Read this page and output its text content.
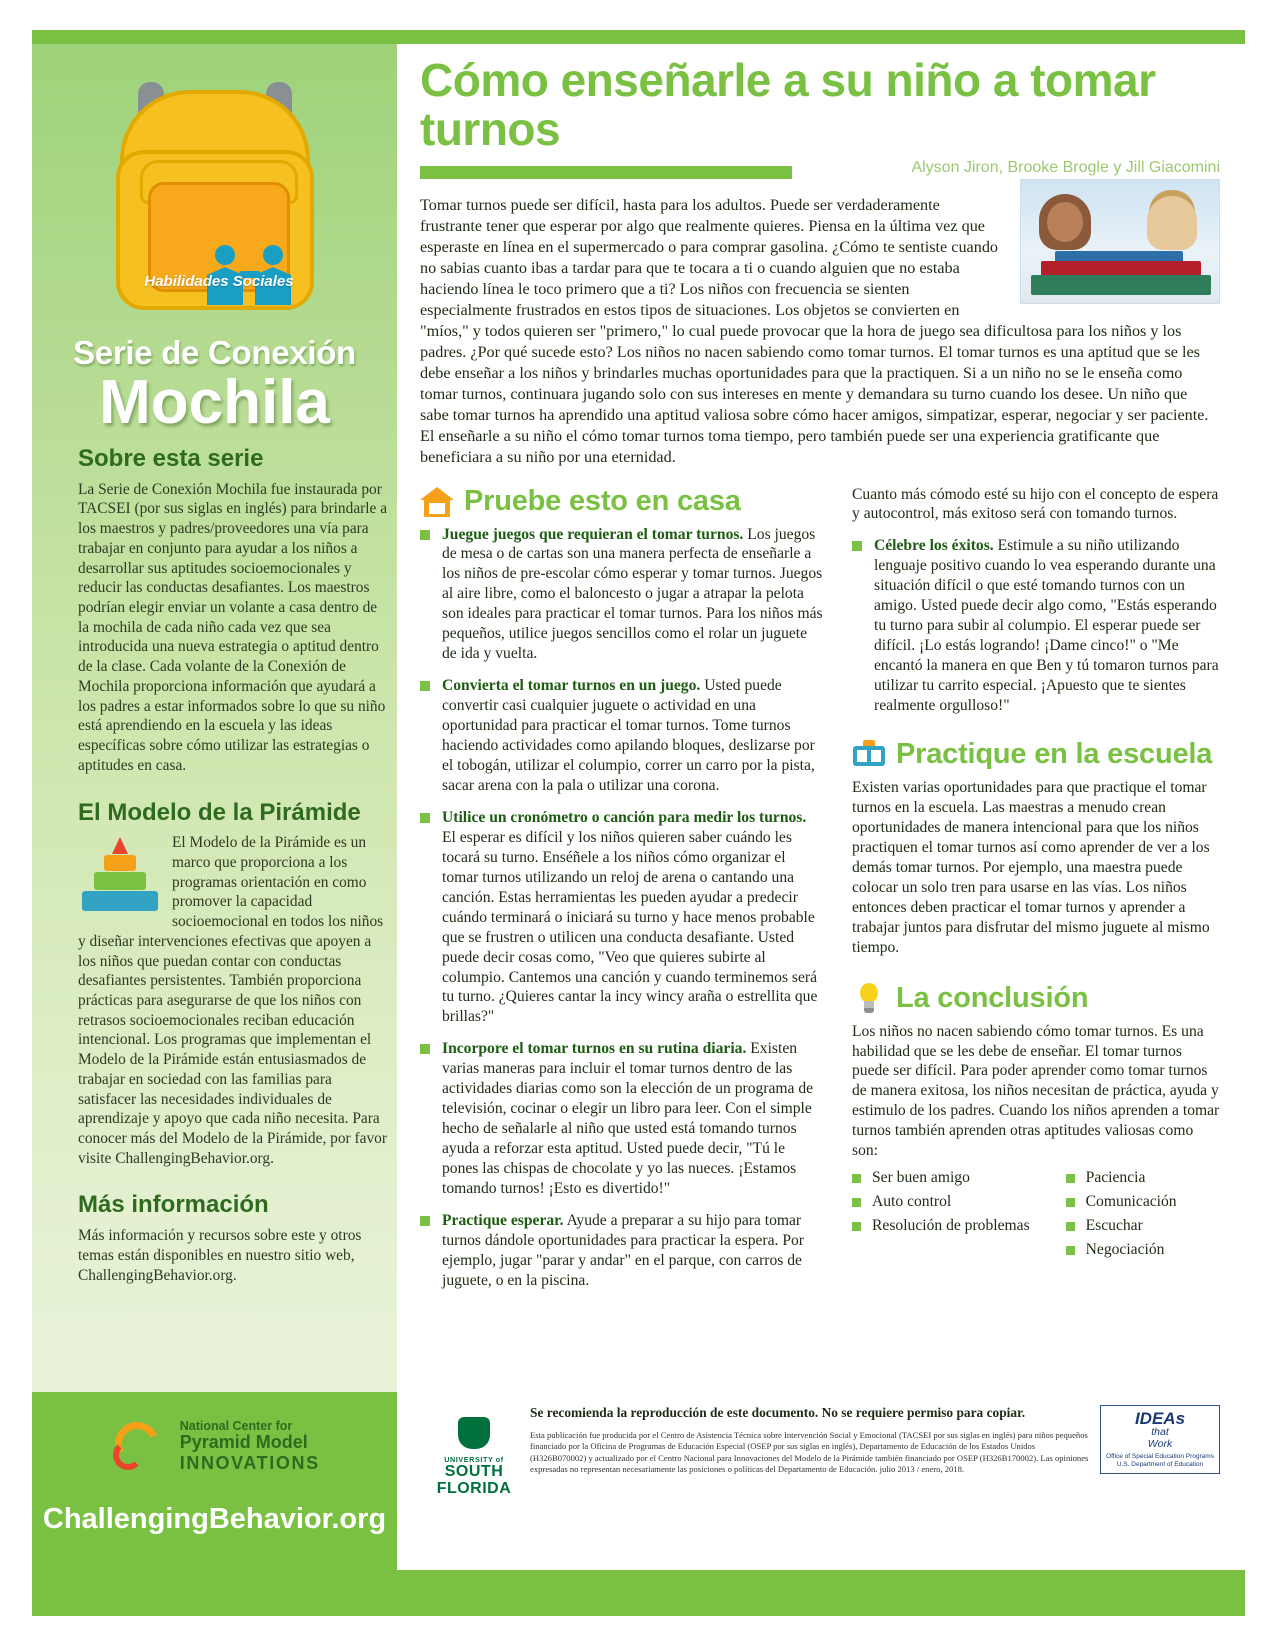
Habilidades Sociales
Serie de Conexión
Mochila
Sobre esta serie

La Serie de Conexión Mochila fue instaurada por TACSEI (por sus siglas en inglés) para brindarle a los maestros y padres/proveedores una vía para trabajar en conjunto para ayudar a los niños a desarrollar sus aptitudes socioemocionales y reducir las conductas desafiantes. Los maestros podrían elegir enviar un volante a casa dentro de la mochila de cada niño cada vez que sea introducida una nueva estrategia o aptitud dentro de la clase. Cada volante de la Conexión de Mochila proporciona información que ayudará a los padres a estar informados sobre lo que su niño está aprendiendo en la escuela y las ideas específicas sobre cómo utilizar las estrategias o aptitudes en casa.

El Modelo de la Pirámide

El Modelo de la Pirámide es un marco que proporciona a los programas orientación en como promover la capacidad socioemocional en todos los niños y diseñar intervenciones efectivas que apoyen a los niños que puedan contar con conductas desafiantes persistentes. También proporciona prácticas para asegurarse de que los niños con retrasos socioemocionales reciban educación intencional. Los programas que implementan el Modelo de la Pirámide están entusiasmados de trabajar en sociedad con las familias para satisfacer las necesidades individuales de aprendizaje y apoyo que cada niño necesita. Para conocer más del Modelo de la Pirámide, por favor visite ChallengingBehavior.org.

Más información

Más información y recursos sobre este y otros temas están disponibles en nuestro sitio web, ChallengingBehavior.org.

National Center for
Pyramid Model
INNOVATIONS
ChallengingBehavior.org
Cómo enseñarle a su niño a tomar turnos

Alyson Jiron, Brooke Brogle y Jill Giacomini

Tomar turnos puede ser difícil, hasta para los adultos. Puede ser verdaderamente frustrante tener que esperar por algo que realmente quieres. Piensa en la última vez que esperaste en línea en el supermercado o para comprar gasolina. ¿Cómo te sentiste cuando no sabias cuanto ibas a tardar para que te tocara a ti o cuando alguien que no estaba haciendo línea le toco primero que a ti? Los niños con frecuencia se sienten especialmente frustrados en estos tipos de situaciones. Los objetos se convierten en "míos," y todos quieren ser "primero," lo cual puede provocar que la hora de juego sea dificultosa para los niños y los padres. ¿Por qué sucede esto? Los niños no nacen sabiendo como tomar turnos. El tomar turnos es una aptitud que se les debe enseñar a los niños y brindarles muchas oportunidades para que la practiquen. Si a un niño no se le enseña como tomar turnos, continuara jugando solo con sus intereses en mente y demandara su turno cuando los desee. Un niño que sabe tomar turnos ha aprendido una aptitud valiosa sobre cómo hacer amigos, simpatizar, esperar, negociar y ser paciente. El enseñarle a su niño el cómo tomar turnos toma tiempo, pero también puede ser una experiencia gratificante que beneficiara a su niño por una eternidad.

Pruebe esto en casa
Juegue juegos que requieran el tomar turnos. Los juegos de mesa o de cartas son una manera perfecta de enseñarle a los niños de pre-escolar cómo esperar y tomar turnos. Juegos al aire libre, como el baloncesto o jugar a atrapar la pelota son ideales para practicar el tomar turnos. Para los niños más pequeños, utilice juegos sencillos como el rolar un juguete de ida y vuelta.
Convierta el tomar turnos en un juego. Usted puede convertir casi cualquier juguete o actividad en una oportunidad para practicar el tomar turnos. Tome turnos haciendo actividades como apilando bloques, deslizarse por el tobogán, utilizar el columpio, correr un carro por la pista, sacar arena con la pala o utilizar una corona.
Utilice un cronómetro o canción para medir los turnos. El esperar es difícil y los niños quieren saber cuándo les tocará su turno. Enséñele a los niños cómo organizar el tomar turnos utilizando un reloj de arena o cantando una canción. Estas herramientas les pueden ayudar a predecir cuándo terminará o iniciará su turno y hace menos probable que se frustren o utilicen una conducta desafiante. Usted puede decir cosas como, "Veo que quieres subirte al columpio. Cantemos una canción y cuando terminemos será tu turno. ¿Quieres cantar la incy wincy araña o estrellita que brillas?"
Incorpore el tomar turnos en su rutina diaria. Existen varias maneras para incluir el tomar turnos dentro de las actividades diarias como son la elección de un programa de televisión, cocinar o elegir un libro para leer. Con el simple hecho de señalarle al niño que usted está tomando turnos ayuda a reforzar esta aptitud. Usted puede decir, "Tú le pones las chispas de chocolate y yo las nueces. ¡Estamos tomando turnos! ¡Esto es divertido!"
Practique esperar. Ayude a preparar a su hijo para tomar turnos dándole oportunidades para practicar la espera. Por ejemplo, jugar "parar y andar" en el parque, con carros de juguete, o en la piscina.

Cuanto más cómodo esté su hijo con el concepto de espera y autocontrol, más exitoso será con tomando turnos.

Célebre los éxitos. Estimule a su niño utilizando lenguaje positivo cuando lo vea esperando durante una situación difícil o que esté tomando turnos con un amigo. Usted puede decir algo como, "Estás esperando tu turno para subir al columpio. El esperar puede ser difícil. ¡Lo estás logrando! ¡Dame cinco!" o "Me encantó la manera en que Ben y tú tomaron turnos para utilizar tu carrito especial. ¡Apuesto que te sientes realmente orgulloso!"
Practique en la escuela

Existen varias oportunidades para que practique el tomar turnos en la escuela. Las maestras a menudo crean oportunidades de manera intencional para que los niños practiquen el tomar turnos así como aprender de ver a los demás tomar turnos. Por ejemplo, una maestra puede colocar un solo tren para usarse en las vías. Los niños entonces deben practicar el tomar turnos y aprender a trabajar juntos para disfrutar del mismo juguete al mismo tiempo.

La conclusión

Los niños no nacen sabiendo cómo tomar turnos. Es una habilidad que se les debe de enseñar. El tomar turnos puede ser difícil. Para poder aprender como tomar turnos de manera exitosa, los niños necesitan de práctica, ayuda y estimulo de los padres. Cuando los niños aprenden a tomar turnos también aprenden otras aptitudes valiosas como son:

Ser buen amigo
Auto control
Resolución de problemas
Paciencia
Comunicación
Escuchar
Negociación
UNIVERSITY of
SOUTH
FLORIDA

Se recomienda la reproducción de este documento. No se requiere permiso para copiar.

Esta publicación fue producida por el Centro de Asistencia Técnica sobre Intervención Social y Emocional (TACSEI por sus siglas en inglés) para niños pequeños financiado por la Oficina de Programas de Educación Especial (OSEP por sus siglas en inglés), Departamento de Educación de los Estados Unidos (H326B070002) y actualizado por el Centro Nacional para Innovaciones del Modelo de la Pirámide también financiado por OSEP (H326B170002). Las opiniones expresadas no representan necesariamente las posiciones o políticas del Departamento de Educación. julio 2013 / enero, 2018.

IDEAs
that
Work
Office of Special Education Programs U.S. Department of Education
